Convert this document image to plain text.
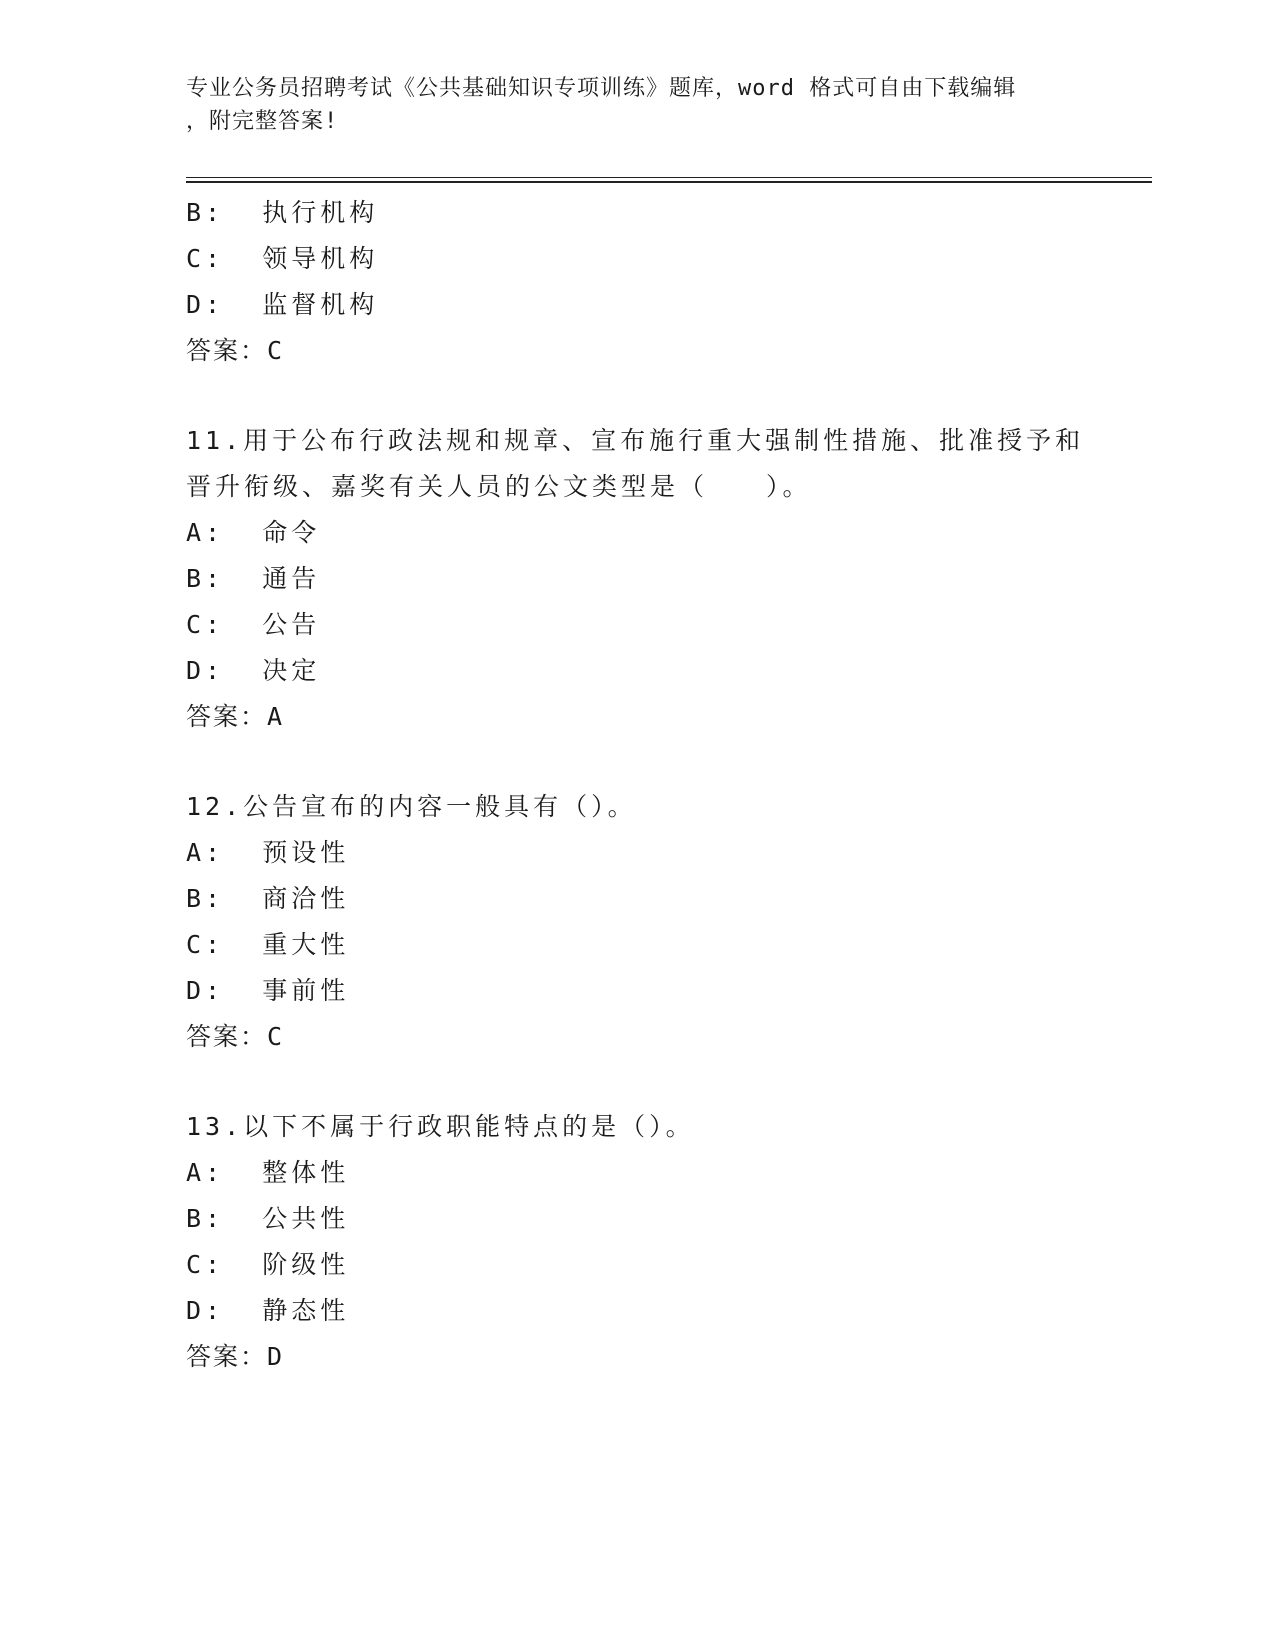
专业公务员招聘考试《公共基础知识专项训练》题库，word 格式可自由下载编辑
，附完整答案!
B: 执行机构
C: 领导机构
D: 监督机构
答案：C
11.用于公布行政法规和规章、宣布施行重大强制性措施、批准授予和
晋升衔级、嘉奖有关人员的公文类型是（　　）。
A: 命令
B: 通告
C: 公告
D: 决定
答案：A
12.公告宣布的内容一般具有（）。
A: 预设性
B: 商洽性
C: 重大性
D: 事前性
答案：C
13.以下不属于行政职能特点的是（）。
A: 整体性
B: 公共性
C: 阶级性
D: 静态性
答案：D
